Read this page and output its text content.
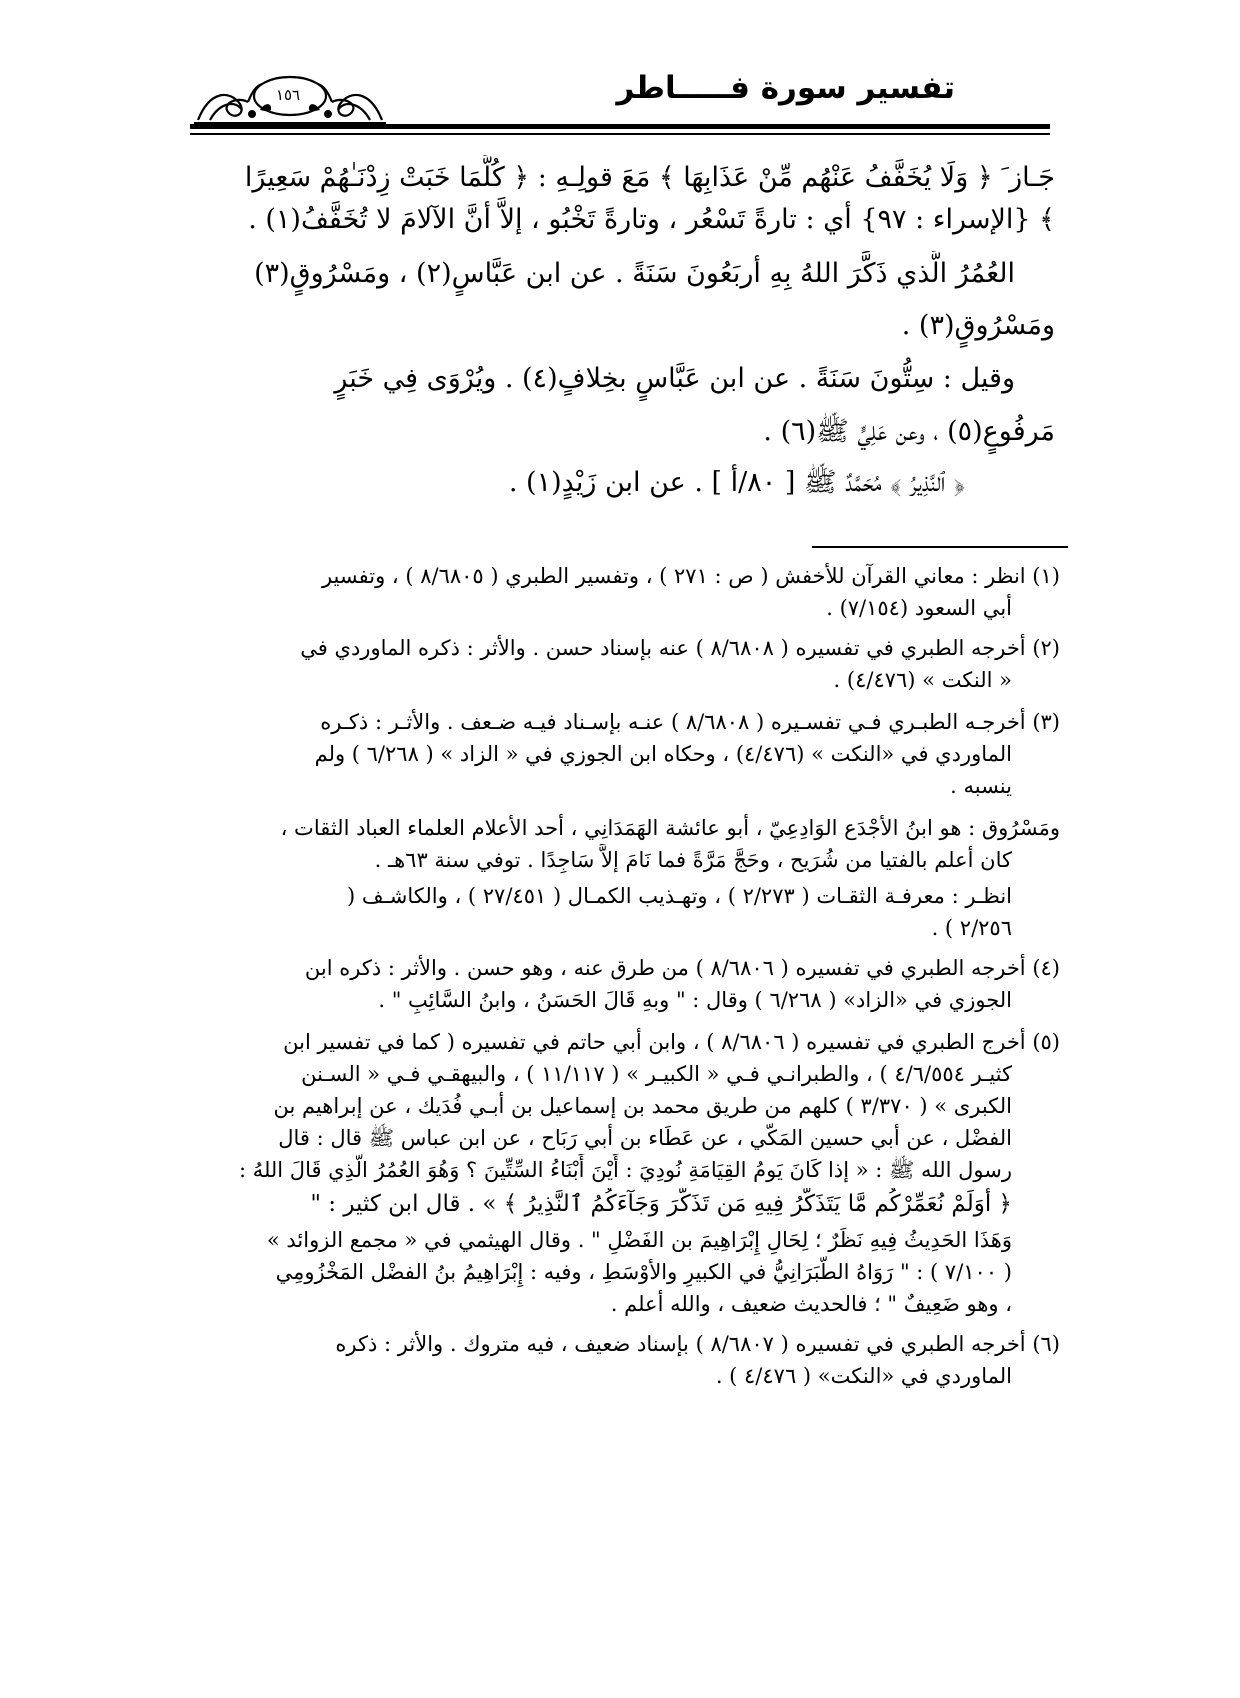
تفسير سورة فـــــاطر
١٥٦
جَـاز َ ﴿ وَلَا يُخَفَّفُ عَنْهُم مِّنْ عَذَابِهَا ﴾ مَعَ قولِـهِ : ﴿ كُلَّمَا خَبَتْ زِدْنَـٰهُمْ سَعِيرًا
﴾ {الإسراء : ٩٧} أي : تارةً تَسْعُر ، وتارةً تَخْبُو ، إلاَّ أنَّ الآلامَ لا تُخَفَّفُ(١) .
العُمُرُ الَّذي ذَكَّرَ اللهُ بِهِ أربَعُونَ سَنَةً . عن ابن عَبَّاسٍ(٢) ، ومَسْرُوقٍ(٣)
ومَسْرُوقٍ(٣) .
وقيل : سِتُّونَ سَنَةً . عن ابن عَبَّاسٍ بخِلافٍ(٤) . ويُرْوَى فِي خَبَرٍ
مَرفُوعٍ(٥) ، وعن عَلِيٍّ ﷺ(٦) .
﴿ ٱلنَّذِيرُ ﴾ مُحَمَّدٌ ﷺ [ ٨٠/أ ] . عن ابن زَيْدٍ(١) .
(١) انظر : معاني القرآن للأخفش ( ص : ٢٧١ ) ، وتفسير الطبري ( ٨/٦٨٠٥ ) ، وتفسير
أبي السعود (٧/١٥٤) .
(٢) أخرجه الطبري في تفسيره ( ٨/٦٨٠٨ ) عنه بإسناد حسن . والأثر : ذكره الماوردي في
« النكت » (٤/٤٧٦) .
(٣) أخرجـه الطبـري فـي تفسـيره ( ٨/٦٨٠٨ ) عنـه بإسـناد فيـه ضـعف . والأثـر : ذكـره
الماوردي في «النكت » (٤/٤٧٦) ، وحكاه ابن الجوزي في « الزاد » ( ٦/٢٦٨ ) ولم
ينسبه .
ومَسْرُوق : هو ابنُ الأجْدَع الوَادِعِيّ ، أبو عائشة الهَمَدَانِي ، أحد الأعلام العلماء العباد الثقات ،
كان أعلم بالفتيا من شُرَيح ، وحَجَّ مَرَّةً فما نَامَ إلاَّ سَاجِدًا . توفي سنة ٦٣هـ .
انظـر : معرفـة الثقـات ( ٢/٢٧٣ ) ، وتهـذيب الكمـال ( ٢٧/٤٥١ ) ، والكاشـف (
٢/٢٥٦ ) .
(٤) أخرجه الطبري في تفسيره ( ٨/٦٨٠٦ ) من طرق عنه ، وهو حسن . والأثر : ذكره ابن
الجوزي في «الزاد» ( ٦/٢٦٨ ) وقال : " وبهِ قَالَ الحَسَنُ ، وابنُ السَّائِبِ " .
(٥) أخرج الطبري في تفسيره ( ٨/٦٨٠٦ ) ، وابن أبي حاتم في تفسيره ( كما في تفسير ابن
كثيـر ٤/٦/٥٥٤ ) ، والطبرانـي فـي « الكبيـر » ( ١١/١١٧ ) ، والبيهقـي فـي « السـنن
الكبرى » ( ٣/٣٧٠ ) كلهم من طريق محمد بن إسماعيل بن أبـي فُدَيك ، عن إبراهيم بن
الفضْل ، عن أبي حسين المَكّي ، عن عَطَاء بن أبي رَبَاح ، عن ابن عباس ﷺ قال : قال
رسول الله ﷺ : « إذا كَانَ يَومُ القِيَامَةِ نُودِيَ : أَيْنَ أَبْنَاءُ السِّتِّينَ ؟ وَهُوَ العُمُرُ الَّذِي قَالَ اللهُ :
﴿ أَوَلَمْ نُعَمِّرْكُم مَّا يَتَذَكَّرُ فِيهِ مَن تَذَكَّرَ وَجَآءَكُمُ ٱلنَّذِيرُ ﴾ » . قال ابن كثير : "
وَهَذَا الحَدِيثُ فِيهِ نَظَرٌ ؛ لِحَالِ إِبْرَاهِيمَ بن الفَضْلِ " . وقال الهيثمي في « مجمع الزوائد »
( ٧/١٠٠ ) : " رَوَاهُ الطَّبَرَانِيُّ في الكبيرِ والأوْسَطِ ، وفيه : إِبْرَاهِيمُ بنُ الفضْل المَخْزُومِي
، وهو ضَعِيفٌ " ؛ فالحديث ضعيف ، والله أعلم .
(٦) أخرجه الطبري في تفسيره ( ٨/٦٨٠٧ ) بإسناد ضعيف ، فيه متروك . والأثر : ذكره
الماوردي في «النكت» ( ٤/٤٧٦ ) .
